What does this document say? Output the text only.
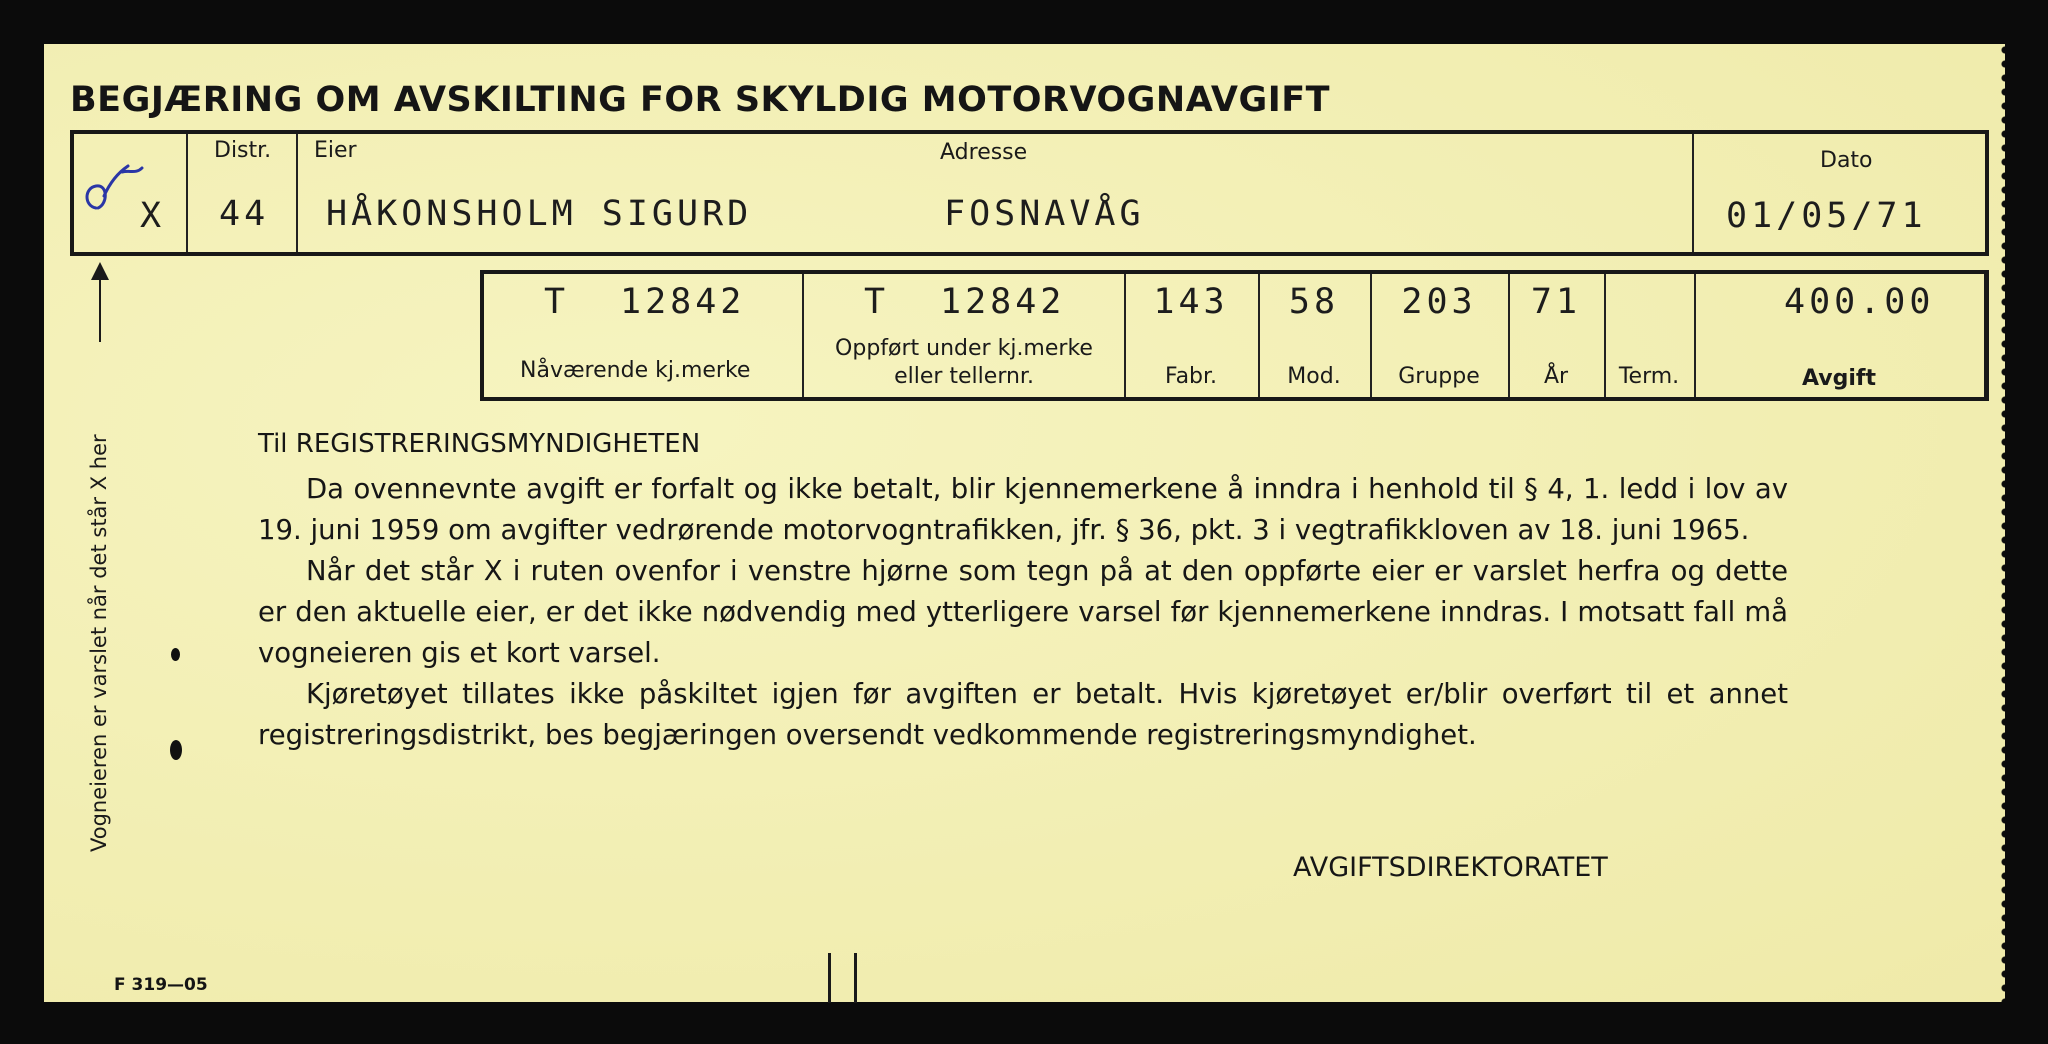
BEGJÆRING OM AVSKILTING FOR SKYLDIG MOTORVOGNAVGIFT
X
Distr.
44
Eier
HÅKONSHOLM SIGURD
Adresse
FOSNAVÅG
Dato
01/05/71
T 12842
Nåværende kj.merke
T 12842
Oppført under kj.merke
eller tellernr.
143
Fabr.
58
Mod.
203
Gruppe
71
År	Term.
400.00
Avgift
Vogneieren er varslet når det står X her	Til REGISTRERINGSMYNDIGHETEN

Da ovennevnte avgift er forfalt og ikke betalt, blir kjennemerkene å inndra i henhold til § 4, 1. ledd i lov av 19. juni 1959 om avgifter vedrørende motorvogntrafikken, jfr. § 36, pkt. 3 i vegtrafikkloven av 18. juni 1965.

Når det står X i ruten ovenfor i venstre hjørne som tegn på at den oppførte eier er varslet herfra og dette er den aktuelle eier, er det ikke nødvendig med ytterligere varsel før kjennemerkene inndras. I motsatt fall må vogneieren gis et kort varsel.

Kjøretøyet tillates ikke påskiltet igjen før avgiften er betalt. Hvis kjøretøyet er/blir overført til et annet registreringsdistrikt, bes begjæringen oversendt vedkommende registreringsmyndighet.

AVGIFTSDIREKTORATET
F 319—05
